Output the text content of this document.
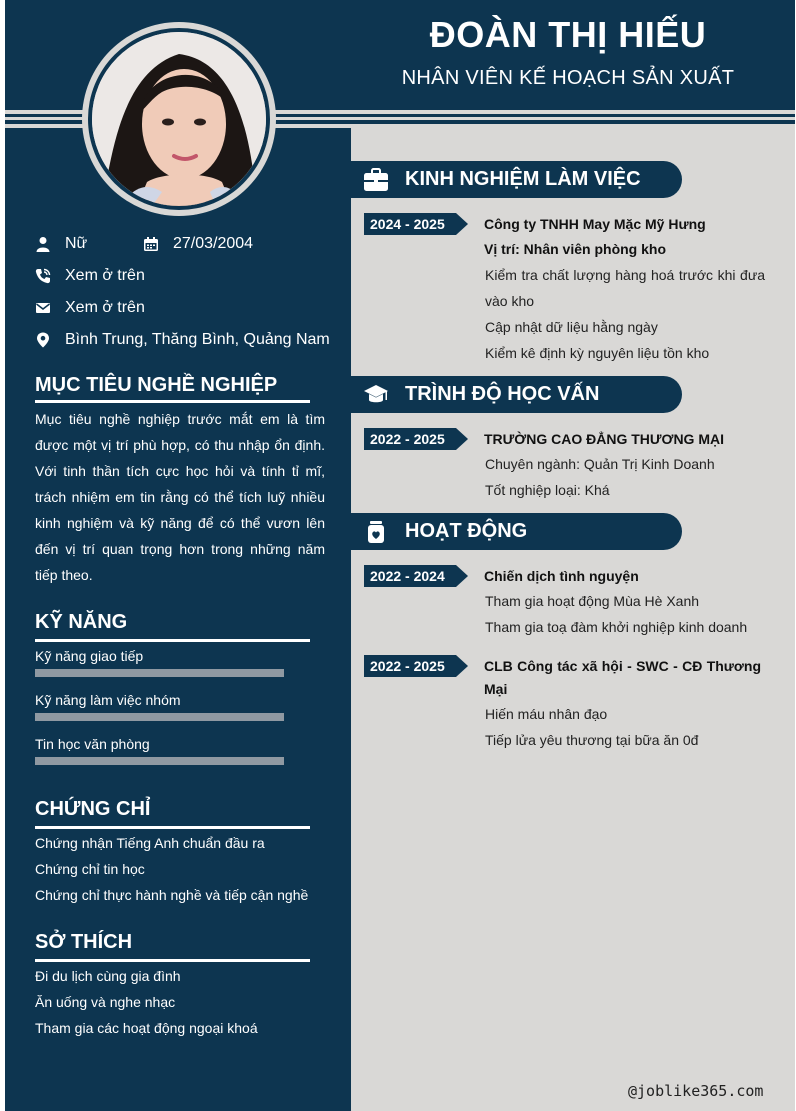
ĐOÀN THỊ HIẾU
NHÂN VIÊN KẾ HOẠCH SẢN XUẤT
Nữ	27/03/2004
Xem ở trên
Xem ở trên
Bình Trung, Thăng Bình, Quảng Nam
MỤC TIÊU NGHỀ NGHIỆP
Mục tiêu nghề nghiệp trước mắt em là tìm được một vị trí phù hợp, có thu nhập ổn định. Với tinh thần tích cực học hỏi và tính tỉ mĩ, trách nhiệm em tin rằng có thể tích luỹ nhiều kinh nghiệm và kỹ năng để có thể vươn lên đến vị trí quan trọng hơn trong những năm tiếp theo.
KỸ NĂNG
Kỹ năng giao tiếp
Kỹ năng làm việc nhóm
Tin học văn phòng
CHỨNG CHỈ
Chứng nhận Tiếng Anh chuẩn đầu ra
Chứng chỉ tin học
Chứng chỉ thực hành nghề và tiếp cận nghề
SỞ THÍCH
Đi du lịch cùng gia đình
Ăn uống và nghe nhạc
Tham gia các hoạt động ngoại khoá
KINH NGHIỆM LÀM VIỆC
2024 - 2025	Công ty TNHH May Mặc Mỹ Hưng
Vị trí: Nhân viên phòng kho
Kiểm tra chất lượng hàng hoá trước khi đưa vào kho
Cập nhật dữ liệu hằng ngày
Kiểm kê định kỳ nguyên liệu tồn kho
TRÌNH ĐỘ HỌC VẤN
2022 - 2025	TRƯỜNG CAO ĐẲNG THƯƠNG MẠI
Chuyên ngành: Quản Trị Kinh Doanh
Tốt nghiệp loại: Khá
HOẠT ĐỘNG
2022 - 2024	Chiến dịch tình nguyện
Tham gia hoạt động Mùa Hè Xanh
Tham gia toạ đàm khởi nghiệp kinh doanh
2022 - 2025	CLB Công tác xã hội - SWC - CĐ Thương Mại
Hiến máu nhân đạo
Tiếp lửa yêu thương tại bữa ăn 0đ
@joblike365.com
